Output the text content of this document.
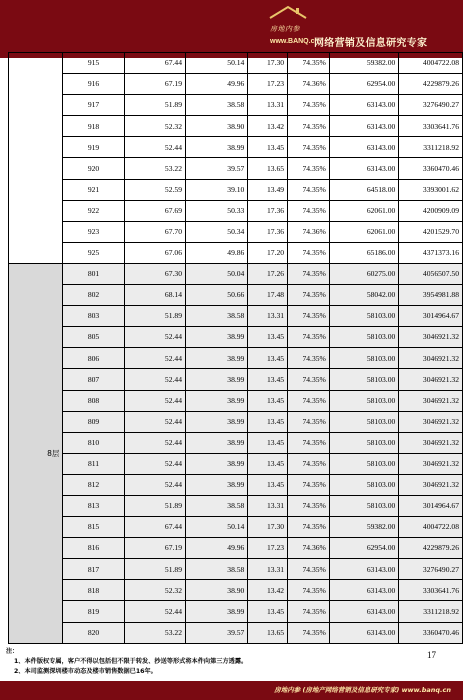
房地内参
www.BANQ.cn
网络营销及信息研究专家
	915	67.44	50.14	17.30	74.35%	59382.00	4004722.08
	916	67.19	49.96	17.23	74.36%	62954.00	4229879.26
	917	51.89	38.58	13.31	74.35%	63143.00	3276490.27
	918	52.32	38.90	13.42	74.35%	63143.00	3303641.76
	919	52.44	38.99	13.45	74.35%	63143.00	3311218.92
	920	53.22	39.57	13.65	74.35%	63143.00	3360470.46
	921	52.59	39.10	13.49	74.35%	64518.00	3393001.62
	922	67.69	50.33	17.36	74.35%	62061.00	4200909.09
	923	67.70	50.34	17.36	74.36%	62061.00	4201529.70
	925	67.06	49.86	17.20	74.35%	65186.00	4371373.16
8层	801	67.30	50.04	17.26	74.35%	60275.00	4056507.50
	802	68.14	50.66	17.48	74.35%	58042.00	3954981.88
	803	51.89	38.58	13.31	74.35%	58103.00	3014964.67
	805	52.44	38.99	13.45	74.35%	58103.00	3046921.32
	806	52.44	38.99	13.45	74.35%	58103.00	3046921.32
	807	52.44	38.99	13.45	74.35%	58103.00	3046921.32
	808	52.44	38.99	13.45	74.35%	58103.00	3046921.32
	809	52.44	38.99	13.45	74.35%	58103.00	3046921.32
	810	52.44	38.99	13.45	74.35%	58103.00	3046921.32
	811	52.44	38.99	13.45	74.35%	58103.00	3046921.32
	812	52.44	38.99	13.45	74.35%	58103.00	3046921.32
	813	51.89	38.58	13.31	74.35%	58103.00	3014964.67
	815	67.44	50.14	17.30	74.35%	59382.00	4004722.08
	816	67.19	49.96	17.23	74.36%	62954.00	4229879.26
	817	51.89	38.58	13.31	74.35%	63143.00	3276490.27
	818	52.32	38.90	13.42	74.35%	63143.00	3303641.76
	819	52.44	38.99	13.45	74.35%	63143.00	3311218.92
	820	53.22	39.57	13.65	74.35%	63143.00	3360470.46
注：
1、本件版权专属，客户不得以包括但不限于转发、抄送等形式将本件向第三方透露。
2、本司监测深圳楼市动态及楼市销售数据已16年。
17
房地内参 (房地产网络营销及信息研究专家) www.banq.cn
